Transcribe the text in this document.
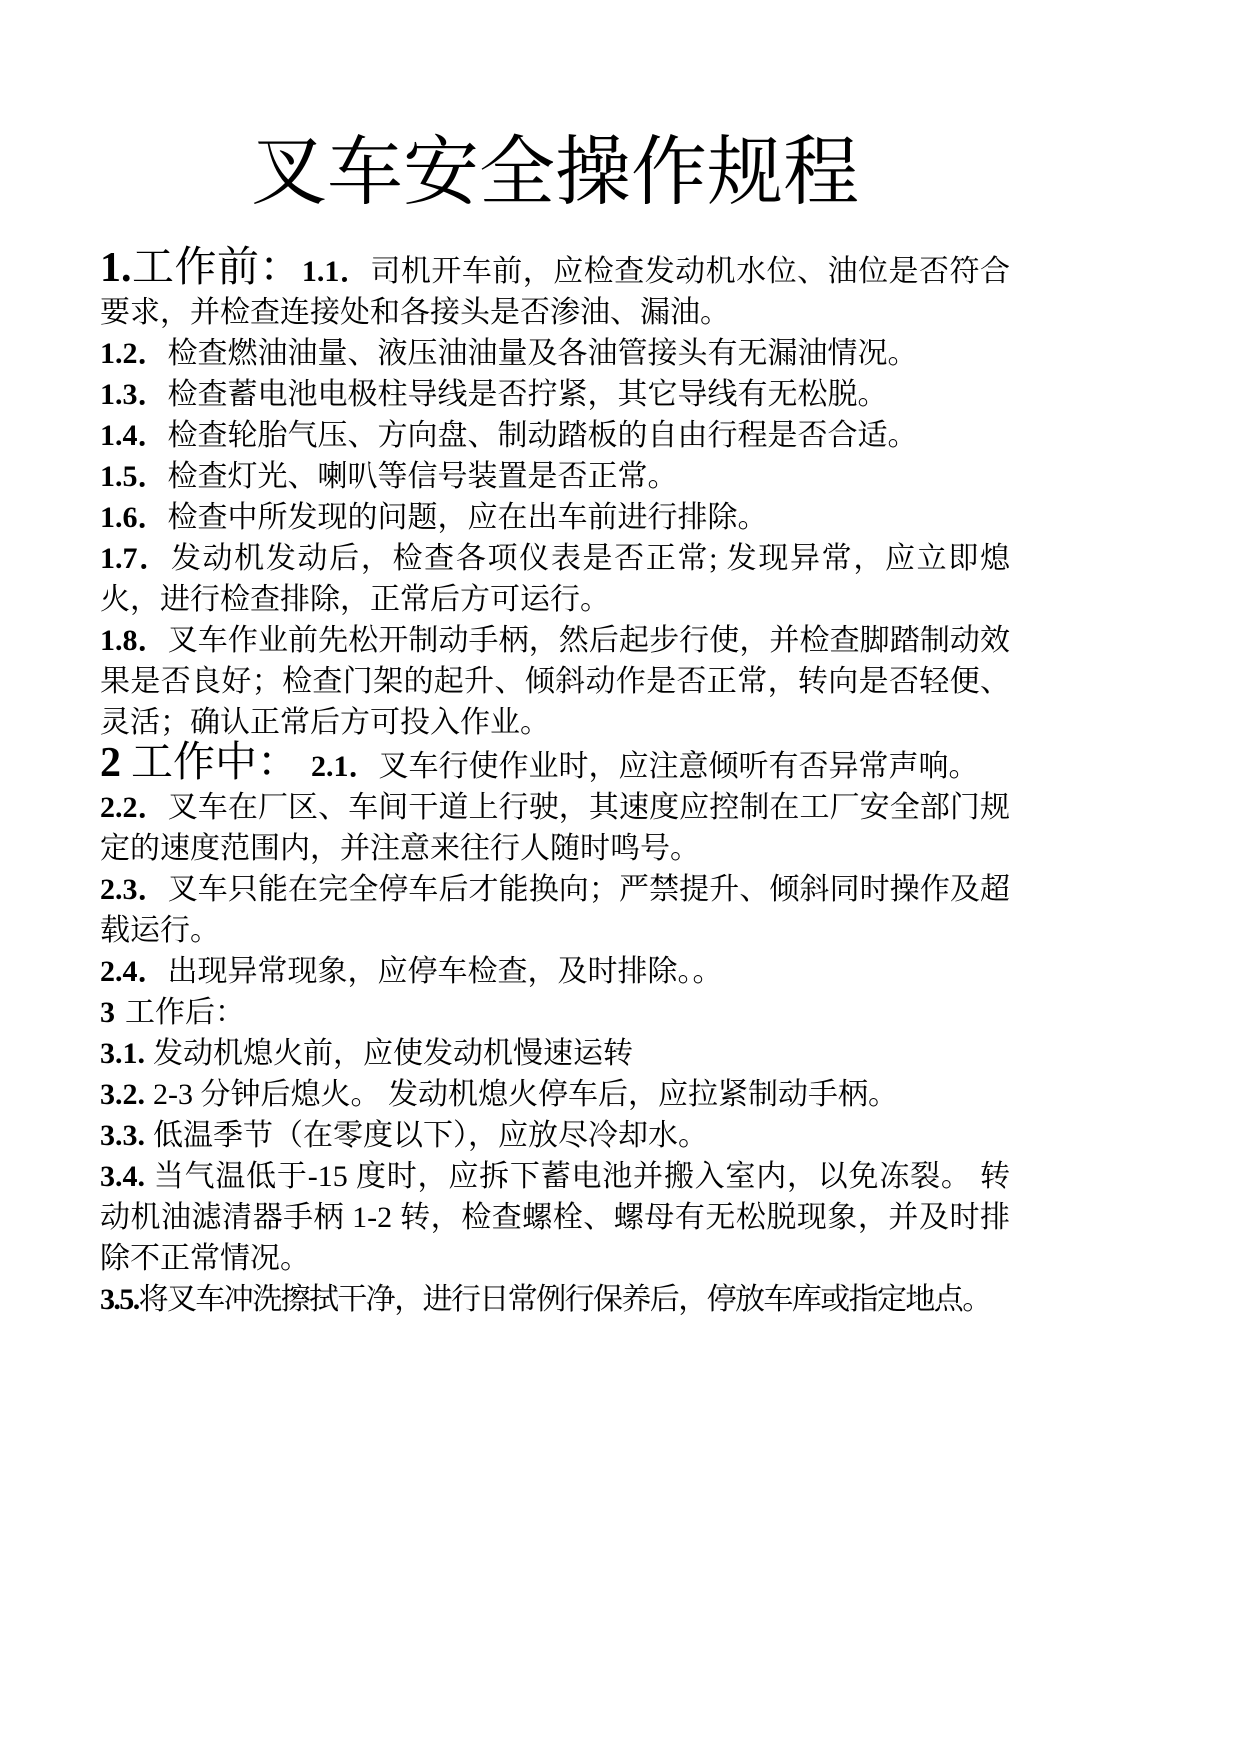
叉车安全操作规程

1.工作前：1.1．司机开车前，应检查发动机水位、油位是否符合要求，并检查连接处和各接头是否渗油、漏油。

1.2．检查燃油油量、液压油油量及各油管接头有无漏油情况。

1.3．检查蓄电池电极柱导线是否拧紧，其它导线有无松脱。

1.4．检查轮胎气压、方向盘、制动踏板的自由行程是否合适。

1.5．检查灯光、喇叭等信号装置是否正常。

1.6．检查中所发现的问题，应在出车前进行排除。

1.7．发动机发动后，检查各项仪表是否正常; 发现异常，应立即熄火，进行检查排除，正常后方可运行。

1.8．叉车作业前先松开制动手柄，然后起步行使，并检查脚踏制动效果是否良好；检查门架的起升、倾斜动作是否正常，转向是否轻便、灵活；确认正常后方可投入作业。

2 工作中： 2.1．叉车行使作业时，应注意倾听有否异常声响。

2.2．叉车在厂区、车间干道上行驶，其速度应控制在工厂安全部门规定的速度范围内，并注意来往行人随时鸣号。

2.3．叉车只能在完全停车后才能换向；严禁提升、倾斜同时操作及超载运行。

2.4．出现异常现象，应停车检查，及时排除。。

3 工作后：

3.1. 发动机熄火前，应使发动机慢速运转

3.2. 2-3 分钟后熄火。 发动机熄火停车后，应拉紧制动手柄。

3.3. 低温季节（在零度以下），应放尽冷却水。

3.4. 当气温低于-15 度时，应拆下蓄电池并搬入室内，以免冻裂。 转动机油滤清器手柄 1-2 转，检查螺栓、螺母有无松脱现象，并及时排除不正常情况。

3.5.将叉车冲洗擦拭干净，进行日常例行保养后，停放车库或指定地点。
